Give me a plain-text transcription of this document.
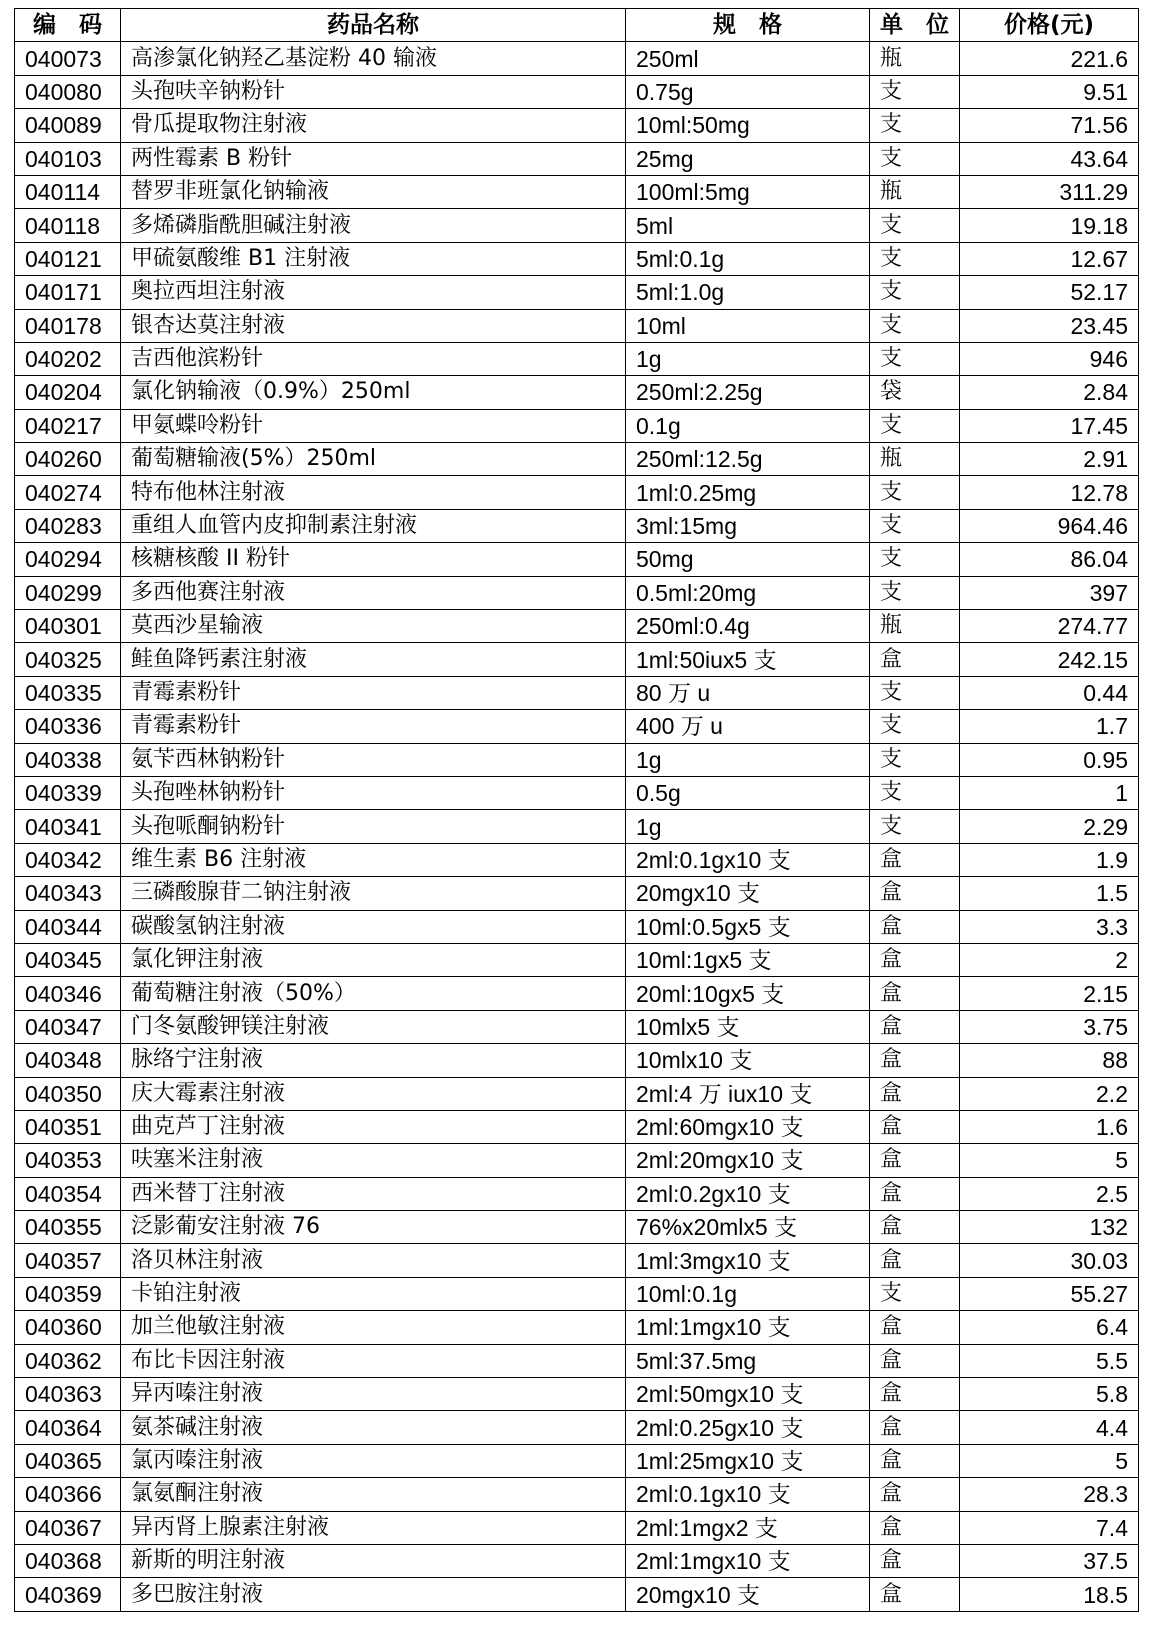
编　码	药品名称	规　格	单　位	价格(元)
040073	高渗氯化钠羟乙基淀粉 40 输液	250ml	瓶	221.6
040080	头孢呋辛钠粉针	0.75g	支	9.51
040089	骨瓜提取物注射液	10ml:50mg	支	71.56
040103	两性霉素 B 粉针	25mg	支	43.64
040114	替罗非班氯化钠输液	100ml:5mg	瓶	311.29
040118	多烯磷脂酰胆碱注射液	5ml	支	19.18
040121	甲硫氨酸维 B1 注射液	5ml:0.1g	支	12.67
040171	奥拉西坦注射液	5ml:1.0g	支	52.17
040178	银杏达莫注射液	10ml	支	23.45
040202	吉西他滨粉针	1g	支	946
040204	氯化钠输液（0.9%）250ml	250ml:2.25g	袋	2.84
040217	甲氨蝶呤粉针	0.1g	支	17.45
040260	葡萄糖输液(5%）250ml	250ml:12.5g	瓶	2.91
040274	特布他林注射液	1ml:0.25mg	支	12.78
040283	重组人血管内皮抑制素注射液	3ml:15mg	支	964.46
040294	核糖核酸 II 粉针	50mg	支	86.04
040299	多西他赛注射液	0.5ml:20mg	支	397
040301	莫西沙星输液	250ml:0.4g	瓶	274.77
040325	鲑鱼降钙素注射液	1ml:50iux5 支	盒	242.15
040335	青霉素粉针	80 万 u	支	0.44
040336	青霉素粉针	400 万 u	支	1.7
040338	氨苄西林钠粉针	1g	支	0.95
040339	头孢唑林钠粉针	0.5g	支	1
040341	头孢哌酮钠粉针	1g	支	2.29
040342	维生素 B6 注射液	2ml:0.1gx10 支	盒	1.9
040343	三磷酸腺苷二钠注射液	20mgx10 支	盒	1.5
040344	碳酸氢钠注射液	10ml:0.5gx5 支	盒	3.3
040345	氯化钾注射液	10ml:1gx5 支	盒	2
040346	葡萄糖注射液（50%）	20ml:10gx5 支	盒	2.15
040347	门冬氨酸钾镁注射液	10mlx5 支	盒	3.75
040348	脉络宁注射液	10mlx10 支	盒	88
040350	庆大霉素注射液	2ml:4 万 iux10 支	盒	2.2
040351	曲克芦丁注射液	2ml:60mgx10 支	盒	1.6
040353	呋塞米注射液	2ml:20mgx10 支	盒	5
040354	西米替丁注射液	2ml:0.2gx10 支	盒	2.5
040355	泛影葡安注射液 76	76%x20mlx5 支	盒	132
040357	洛贝林注射液	1ml:3mgx10 支	盒	30.03
040359	卡铂注射液	10ml:0.1g	支	55.27
040360	加兰他敏注射液	1ml:1mgx10 支	盒	6.4
040362	布比卡因注射液	5ml:37.5mg	盒	5.5
040363	异丙嗪注射液	2ml:50mgx10 支	盒	5.8
040364	氨茶碱注射液	2ml:0.25gx10 支	盒	4.4
040365	氯丙嗪注射液	1ml:25mgx10 支	盒	5
040366	氯氨酮注射液	2ml:0.1gx10 支	盒	28.3
040367	异丙肾上腺素注射液	2ml:1mgx2 支	盒	7.4
040368	新斯的明注射液	2ml:1mgx10 支	盒	37.5
040369	多巴胺注射液	20mgx10 支	盒	18.5
